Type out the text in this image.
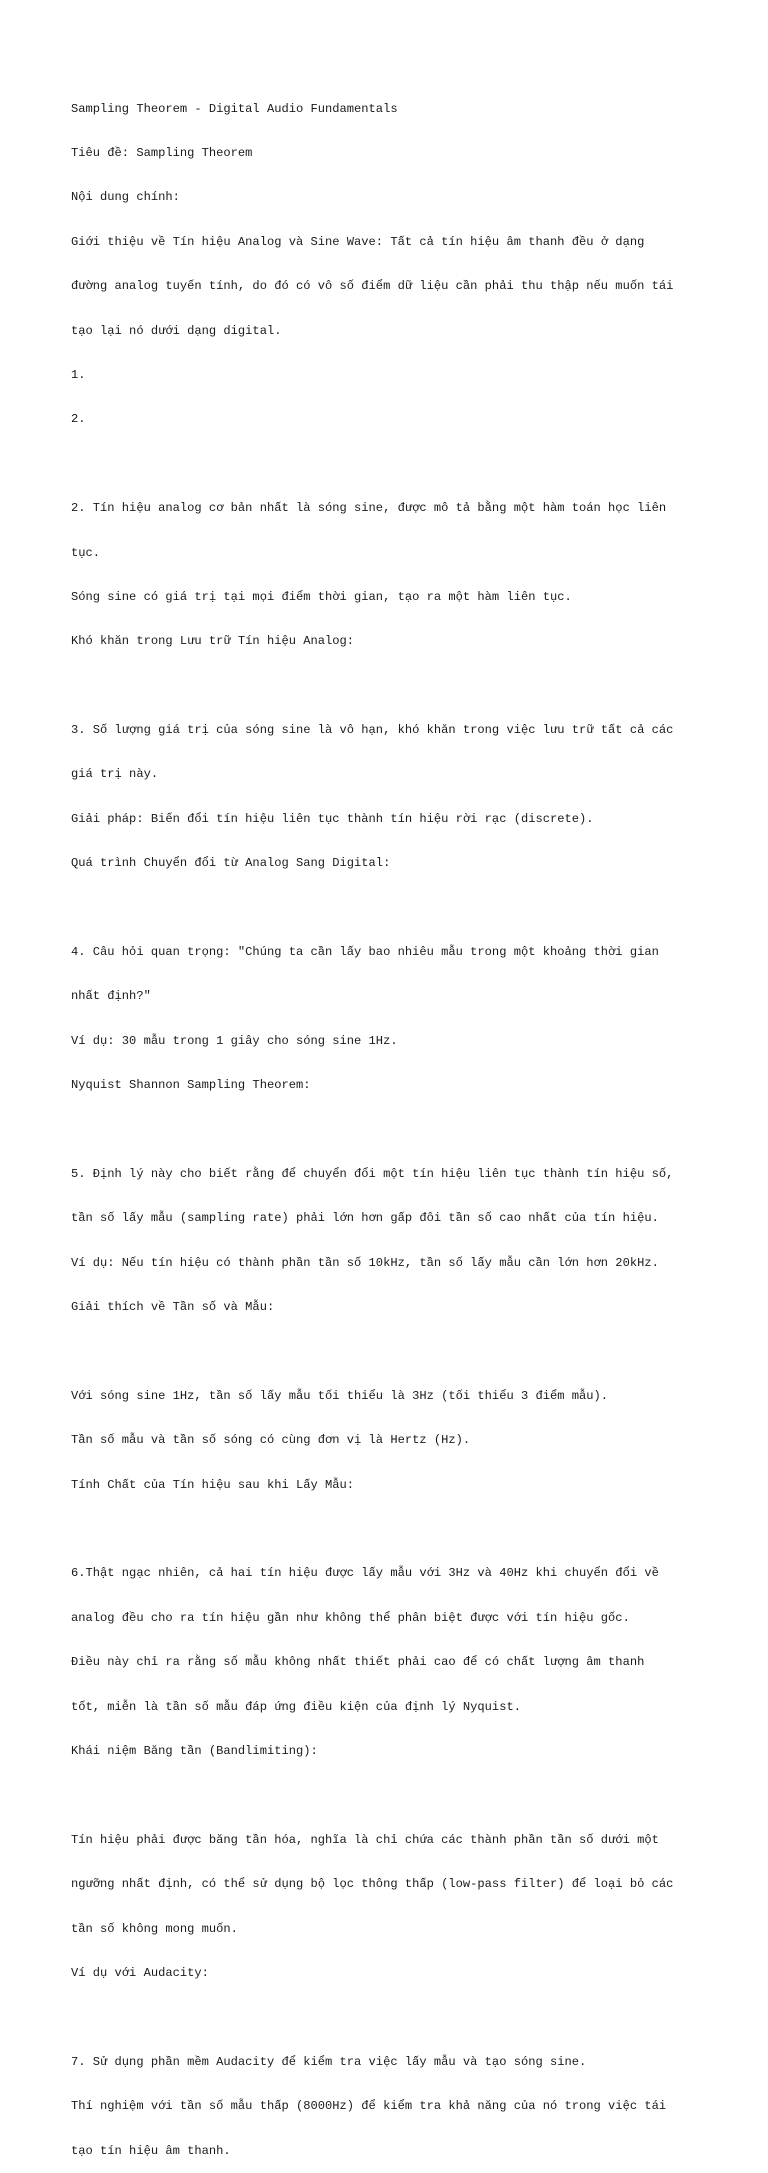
Sampling Theorem - Digital Audio Fundamentals

Tiêu đề: Sampling Theorem

Nội dung chính:

Giới thiệu về Tín hiệu Analog và Sine Wave: Tất cả tín hiệu âm thanh đều ở dạng

đường analog tuyến tính, do đó có vô số điểm dữ liệu cần phải thu thập nếu muốn tái

tạo lại nó dưới dạng digital.

1.

2.

2. Tín hiệu analog cơ bản nhất là sóng sine, được mô tả bằng một hàm toán học liên

tục.

Sóng sine có giá trị tại mọi điểm thời gian, tạo ra một hàm liên tục.

Khó khăn trong Lưu trữ Tín hiệu Analog:

3. Số lượng giá trị của sóng sine là vô hạn, khó khăn trong việc lưu trữ tất cả các

giá trị này.

Giải pháp: Biến đổi tín hiệu liên tục thành tín hiệu rời rạc (discrete).

Quá trình Chuyển đổi từ Analog Sang Digital:

4. Câu hỏi quan trọng: "Chúng ta cần lấy bao nhiêu mẫu trong một khoảng thời gian

nhất định?"

Ví dụ: 30 mẫu trong 1 giây cho sóng sine 1Hz.

Nyquist Shannon Sampling Theorem:

5. Định lý này cho biết rằng để chuyển đổi một tín hiệu liên tục thành tín hiệu số,

tần số lấy mẫu (sampling rate) phải lớn hơn gấp đôi tần số cao nhất của tín hiệu.

Ví dụ: Nếu tín hiệu có thành phần tần số 10kHz, tần số lấy mẫu cần lớn hơn 20kHz.

Giải thích về Tần số và Mẫu:

Với sóng sine 1Hz, tần số lấy mẫu tối thiểu là 3Hz (tối thiểu 3 điểm mẫu).

Tần số mẫu và tần số sóng có cùng đơn vị là Hertz (Hz).

Tính Chất của Tín hiệu sau khi Lấy Mẫu:

6.Thật ngạc nhiên, cả hai tín hiệu được lấy mẫu với 3Hz và 40Hz khi chuyển đổi về

analog đều cho ra tín hiệu gần như không thể phân biệt được với tín hiệu gốc.

Điều này chỉ ra rằng số mẫu không nhất thiết phải cao để có chất lượng âm thanh

tốt, miễn là tần số mẫu đáp ứng điều kiện của định lý Nyquist.

Khái niệm Băng tần (Bandlimiting):

Tín hiệu phải được băng tần hóa, nghĩa là chỉ chứa các thành phần tần số dưới một

ngưỡng nhất định, có thể sử dụng bộ lọc thông thấp (low-pass filter) để loại bỏ các

tần số không mong muốn.

Ví dụ với Audacity:

7. Sử dụng phần mềm Audacity để kiểm tra việc lấy mẫu và tạo sóng sine.

Thí nghiệm với tần số mẫu thấp (8000Hz) để kiểm tra khả năng của nó trong việc tái

tạo tín hiệu âm thanh.
